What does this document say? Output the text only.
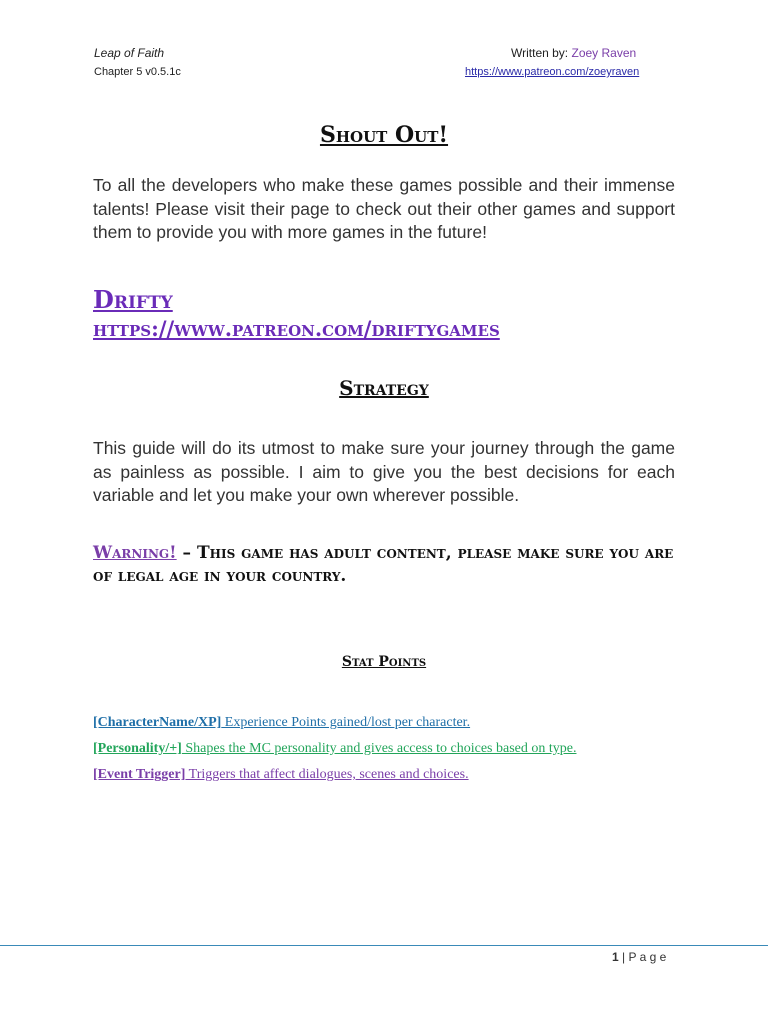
Leap of Faith
Chapter 5 v0.5.1c
Written by: Zoey Raven
https://www.patreon.com/zoeyraven
Shout Out!
To all the developers who make these games possible and their immense talents! Please visit their page to check out their other games and support them to provide you with more games in the future!
Drifty
https://www.patreon.com/driftygames
Strategy
This guide will do its utmost to make sure your journey through the game as painless as possible. I aim to give you the best decisions for each variable and let you make your own wherever possible.
Warning! – This game has adult content, please make sure you are of legal age in your country.
Stat Points
[CharacterName/XP] Experience Points gained/lost per character.
[Personality/+] Shapes the MC personality and gives access to choices based on type.
[Event Trigger] Triggers that affect dialogues, scenes and choices.
1 | P a g e
